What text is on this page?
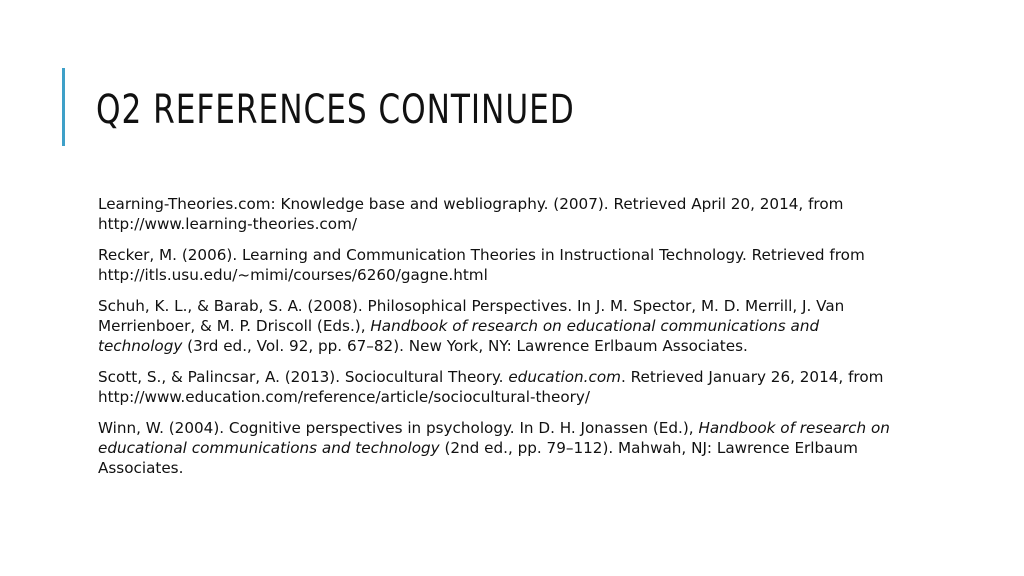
Q2 REFERENCES CONTINUED

Learning-Theories.com: Knowledge base and webliography. (2007). Retrieved April 20, 2014, from http://www.learning-theories.com/

Recker, M. (2006). Learning and Communication Theories in Instructional Technology. Retrieved from http://itls.usu.edu/~mimi/courses/6260/gagne.html

Schuh, K. L., & Barab, S. A. (2008). Philosophical Perspectives. In J. M. Spector, M. D. Merrill, J. Van Merrienboer, & M. P. Driscoll (Eds.), Handbook of research on educational communications and technology (3rd ed., Vol. 92, pp. 67–82). New York, NY: Lawrence Erlbaum Associates.

Scott, S., & Palincsar, A. (2013). Sociocultural Theory. education.com. Retrieved January 26, 2014, from http://www.education.com/reference/article/sociocultural-theory/

Winn, W. (2004). Cognitive perspectives in psychology. In D. H. Jonassen (Ed.), Handbook of research on educational communications and technology (2nd ed., pp. 79–112). Mahwah, NJ: Lawrence Erlbaum Associates.
